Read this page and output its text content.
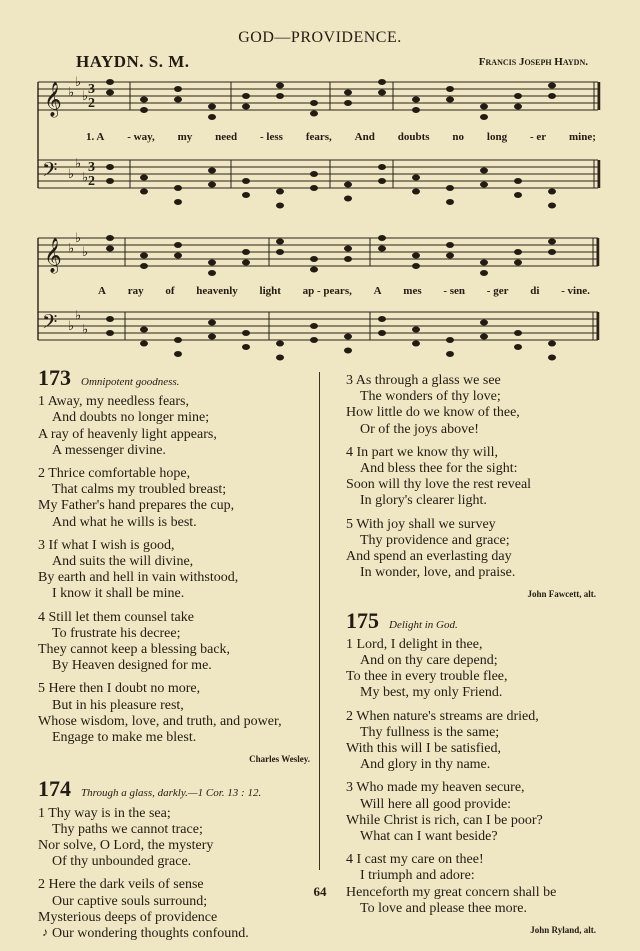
GOD—PROVIDENCE.
HAYDN. S. M.	Francis Joseph Haydn.
𝄞
𝄢
♭
♭
♭
♭
♭
♭
𝄞
𝄢
♭
♭
♭
♭
♭
♭
3
2
3
2
1. A - way, my need - less fears, And doubts no long - er mine;
A ray of heavenly light ap - pears, A mes - sen - ger di - vine.
173 Omnipotent goodness.
1 Away, my needless fears,
And doubts no longer mine;
A ray of heavenly light appears,
A messenger divine.
2 Thrice comfortable hope,
That calms my troubled breast;
My Father's hand prepares the cup,
And what he wills is best.
3 If what I wish is good,
And suits the will divine,
By earth and hell in vain withstood,
I know it shall be mine.
4 Still let them counsel take
To frustrate his decree;
They cannot keep a blessing back,
By Heaven designed for me.
5 Here then I doubt no more,
But in his pleasure rest,
Whose wisdom, love, and truth, and power,
Engage to make me blest.
Charles Wesley.
174 Through a glass, darkly.—1 Cor. 13 : 12.
1 Thy way is in the sea;
Thy paths we cannot trace;
Nor solve, O Lord, the mystery
Of thy unbounded grace.
2 Here the dark veils of sense
Our captive souls surround;
Mysterious deeps of providence
Our wondering thoughts confound.
3 As through a glass we see
The wonders of thy love;
How little do we know of thee,
Or of the joys above!
4 In part we know thy will,
And bless thee for the sight:
Soon will thy love the rest reveal
In glory's clearer light.
5 With joy shall we survey
Thy providence and grace;
And spend an everlasting day
In wonder, love, and praise.
John Fawcett, alt.
175 Delight in God.
1 Lord, I delight in thee,
And on thy care depend;
To thee in every trouble flee,
My best, my only Friend.
2 When nature's streams are dried,
Thy fullness is the same;
With this will I be satisfied,
And glory in thy name.
3 Who made my heaven secure,
Will here all good provide:
While Christ is rich, can I be poor?
What can I want beside?
4 I cast my care on thee!
I triumph and adore:
Henceforth my great concern shall be
To love and please thee more.
John Ryland, alt.
64
♪
